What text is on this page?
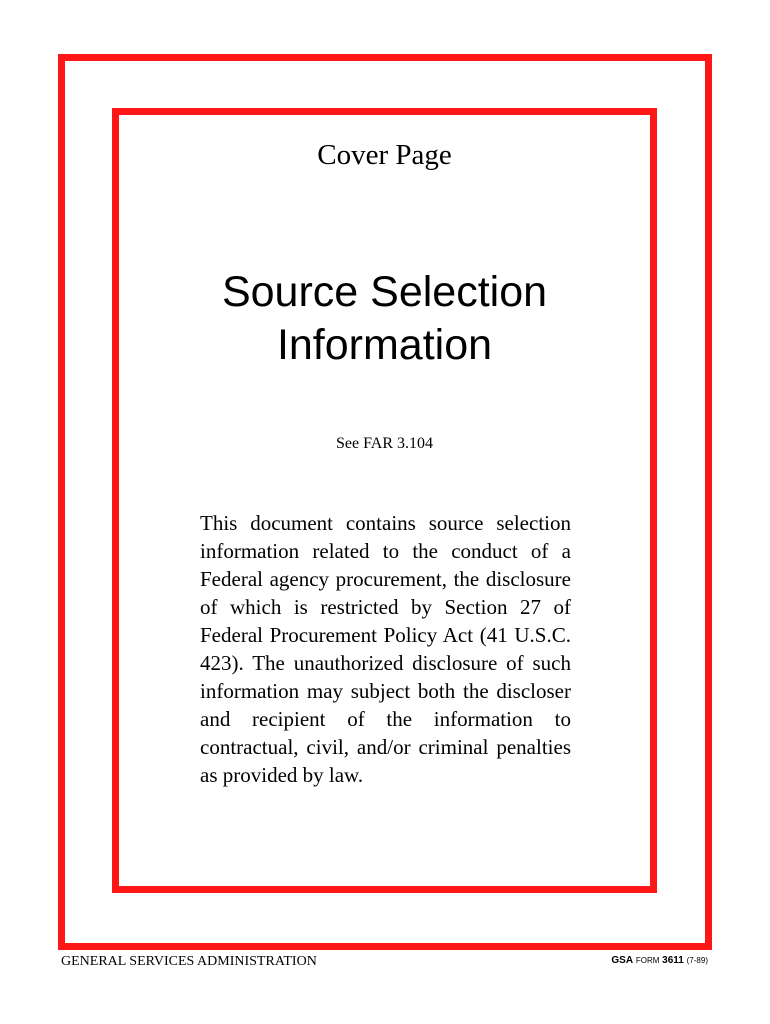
Cover Page
Source Selection
Information
See FAR 3.104

This document contains source selection information related to the conduct of a Federal agency procurement, the disclosure of which is restricted by Section 27 of Federal Procurement Policy Act (41 U.S.C. 423). The unauthorized disclosure of such information may subject both the discloser and recipient of the information to contractual, civil, and/or criminal penalties as provided by law.

GENERAL SERVICES ADMINISTRATION	GSA FORM 3611 (7-89)
